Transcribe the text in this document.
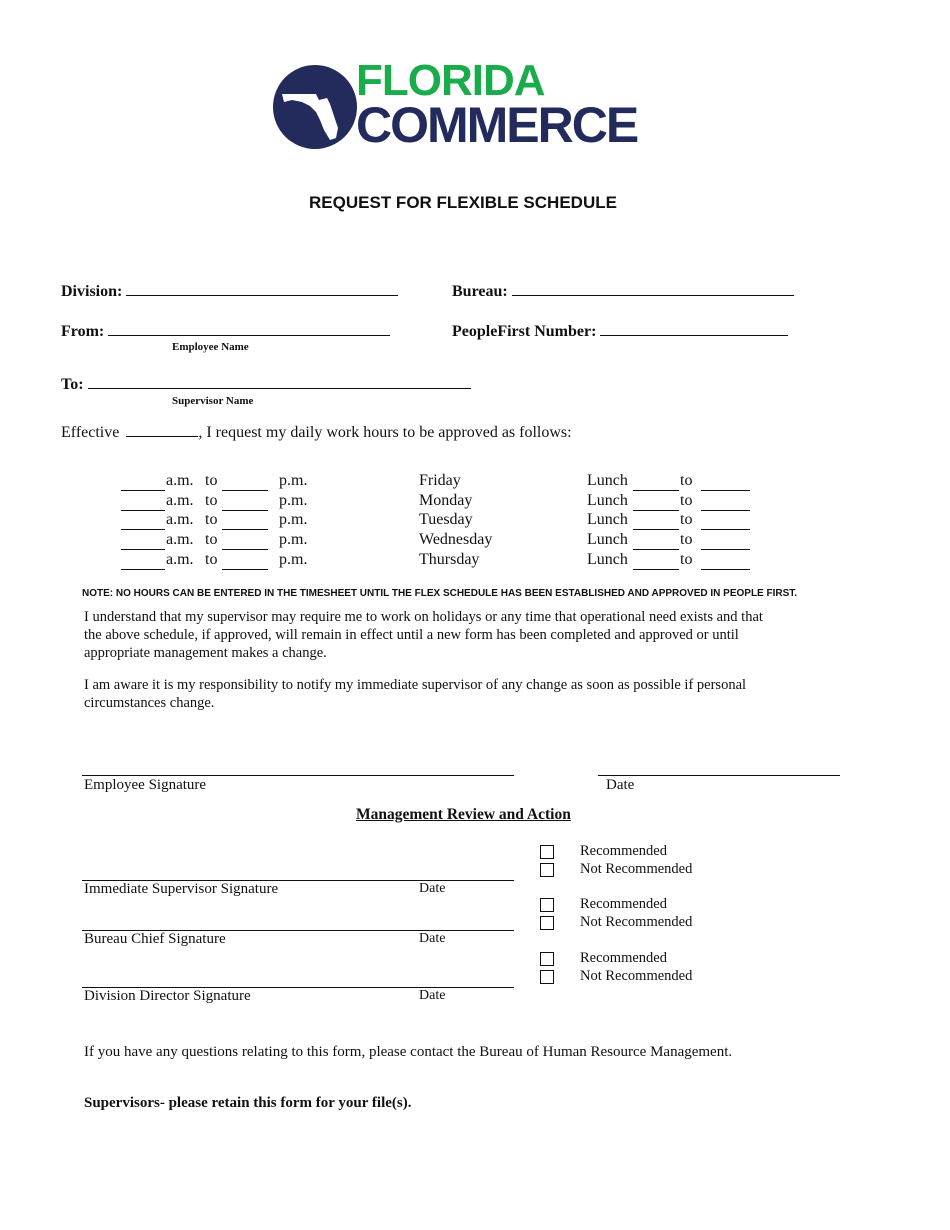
FLORIDA
COMMERCE
REQUEST FOR FLEXIBLE SCHEDULE
Division:	Bureau:
From:
Employee Name
PeopleFirst Number:
To:
Supervisor Name
Effective	, I request my daily work hours to be approved as follows:
a.m. to	p.m.	Friday	Lunch	to
a.m. to	p.m.	Monday	Lunch	to
a.m. to	p.m.	Tuesday	Lunch	to
a.m. to	p.m.	Wednesday	Lunch	to
a.m. to	p.m.	Thursday	Lunch	to
NOTE: NO HOURS CAN BE ENTERED IN THE TIMESHEET UNTIL THE FLEX SCHEDULE HAS BEEN ESTABLISHED AND APPROVED IN PEOPLE FIRST.
I understand that my supervisor may require me to work on holidays or any time that operational need exists and that
the above schedule, if approved, will remain in effect until a new form has been completed and approved or until
appropriate management makes a change.
I am aware it is my responsibility to notify my immediate supervisor of any change as soon as possible if personal
circumstances change.
Employee Signature	Date
Management Review and Action
Immediate Supervisor Signature	Date
Recommended
Not Recommended
Bureau Chief Signature	Date
Recommended
Not Recommended
Division Director Signature	Date
Recommended
Not Recommended
If you have any questions relating to this form, please contact the Bureau of Human Resource Management.
Supervisors- please retain this form for your file(s).
